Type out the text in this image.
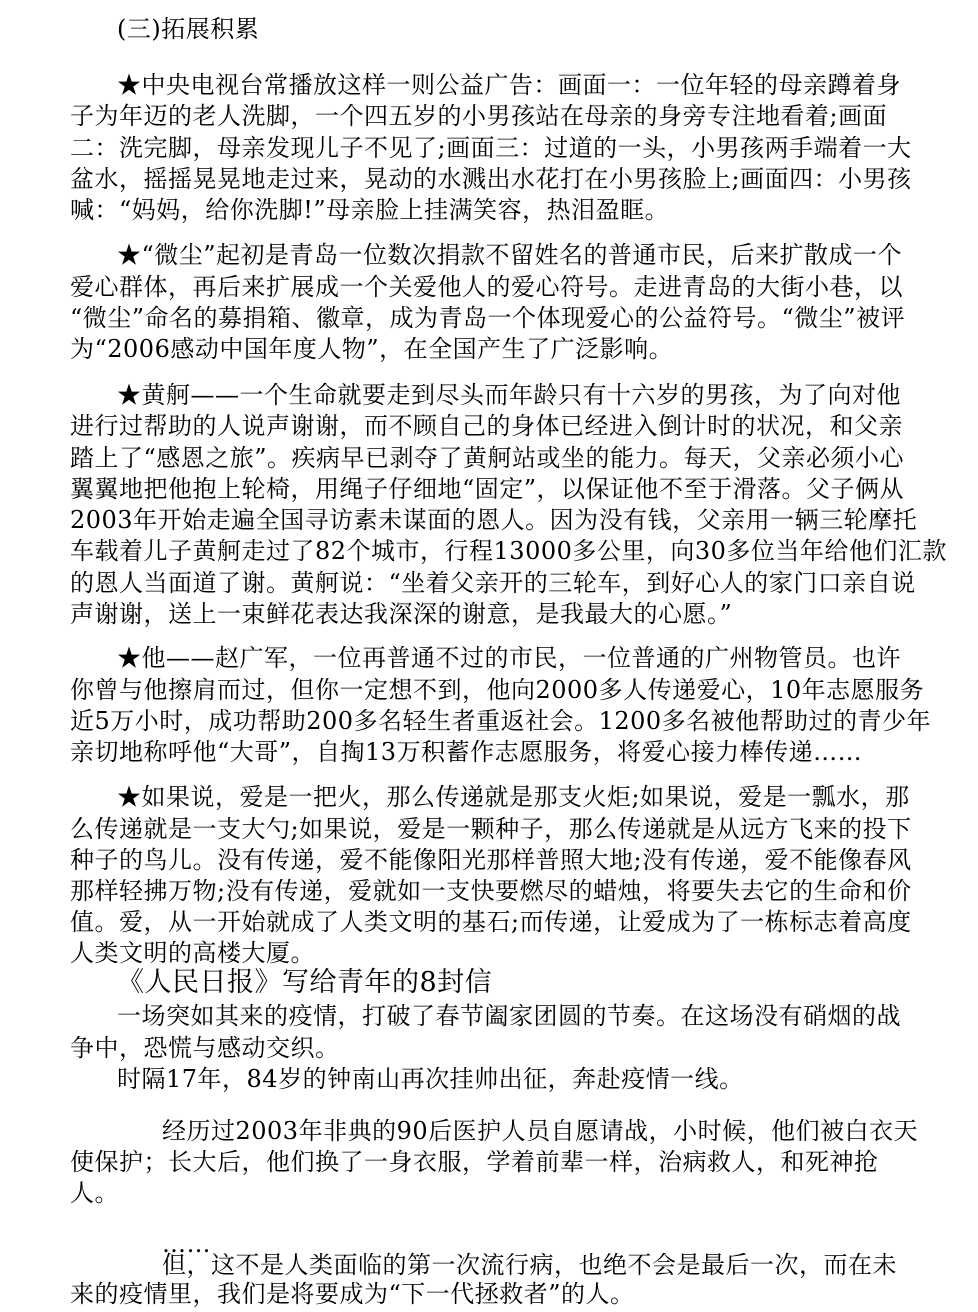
(三)拓展积累
★中央电视台常播放这样一则公益广告：画面一：一位年轻的母亲蹲着身
子为年迈的老人洗脚，一个四五岁的小男孩站在母亲的身旁专注地看着;画面
二：洗完脚，母亲发现儿子不见了;画面三：过道的一头，小男孩两手端着一大
盆水，摇摇晃晃地走过来，晃动的水溅出水花打在小男孩脸上;画面四：小男孩
喊：“妈妈，给你洗脚!”母亲脸上挂满笑容，热泪盈眶。
★“微尘”起初是青岛一位数次捐款不留姓名的普通市民，后来扩散成一个
爱心群体，再后来扩展成一个关爱他人的爱心符号。走进青岛的大街小巷，以
“微尘”命名的募捐箱、徽章，成为青岛一个体现爱心的公益符号。“微尘”被评
为“2006感动中国年度人物”，在全国产生了广泛影响。
★黄舸——一个生命就要走到尽头而年龄只有十六岁的男孩，为了向对他
进行过帮助的人说声谢谢，而不顾自己的身体已经进入倒计时的状况，和父亲
踏上了“感恩之旅”。疾病早已剥夺了黄舸站或坐的能力。每天，父亲必须小心
翼翼地把他抱上轮椅，用绳子仔细地“固定”，以保证他不至于滑落。父子俩从
2003年开始走遍全国寻访素未谋面的恩人。因为没有钱，父亲用一辆三轮摩托
车载着儿子黄舸走过了82个城市，行程13000多公里，向30多位当年给他们汇款
的恩人当面道了谢。黄舸说：“坐着父亲开的三轮车，到好心人的家门口亲自说
声谢谢，送上一束鲜花表达我深深的谢意，是我最大的心愿。”
★他——赵广军，一位再普通不过的市民，一位普通的广州物管员。也许
你曾与他擦肩而过，但你一定想不到，他向2000多人传递爱心，10年志愿服务
近5万小时，成功帮助200多名轻生者重返社会。1200多名被他帮助过的青少年
亲切地称呼他“大哥”，自掏13万积蓄作志愿服务，将爱心接力棒传递……
★如果说，爱是一把火，那么传递就是那支火炬;如果说，爱是一瓢水，那
么传递就是一支大勺;如果说，爱是一颗种子，那么传递就是从远方飞来的投下
种子的鸟儿。没有传递，爱不能像阳光那样普照大地;没有传递，爱不能像春风
那样轻拂万物;没有传递，爱就如一支快要燃尽的蜡烛，将要失去它的生命和价
值。爱，从一开始就成了人类文明的基石;而传递，让爱成为了一栋标志着高度
人类文明的高楼大厦。
《人民日报》写给青年的8封信
一场突如其来的疫情，打破了春节阖家团圆的节奏。在这场没有硝烟的战
争中，恐慌与感动交织。
时隔17年，84岁的钟南山再次挂帅出征，奔赴疫情一线。
经历过2003年非典的90后医护人员自愿请战，小时候，他们被白衣天
使保护；长大后，他们换了一身衣服，学着前辈一样，治病救人，和死神抢
人。
……
但，这不是人类面临的第一次流行病，也绝不会是最后一次，而在未
来的疫情里，我们是将要成为“下一代拯救者”的人。
